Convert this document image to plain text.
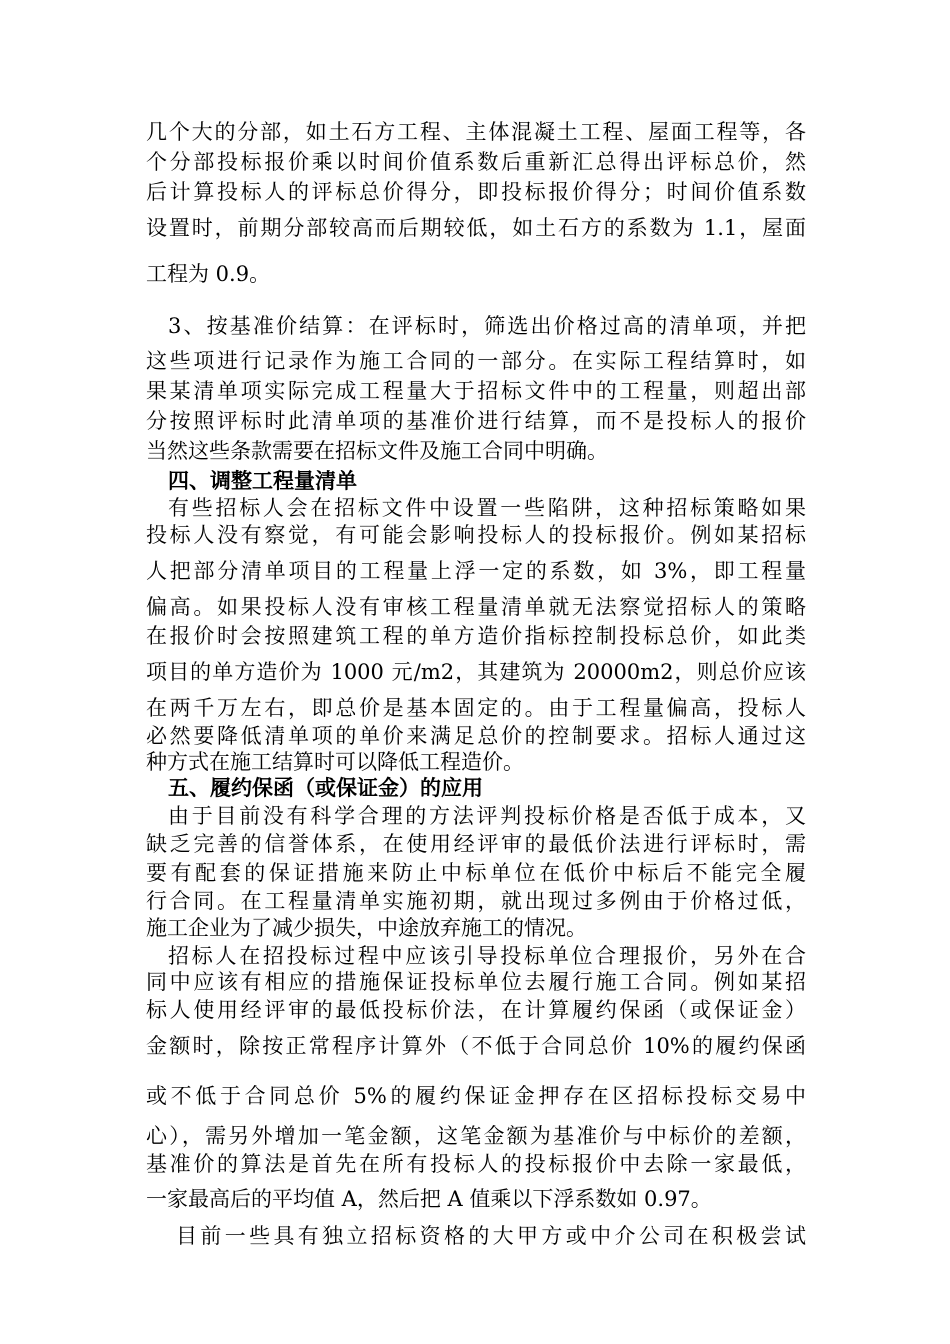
几个大的分部，如土石方工程、主体混凝土工程、屋面工程等，各
个分部投标报价乘以时间价值系数后重新汇总得出评标总价，然
后计算投标人的评标总价得分，即投标报价得分；时间价值系数
设置时，前期分部较高而后期较低，如土石方的系数为 1.1，屋面
工程为 0.9。
3、按基准价结算：在评标时，筛选出价格过高的清单项，并把
这些项进行记录作为施工合同的一部分。在实际工程结算时，如
果某清单项实际完成工程量大于招标文件中的工程量，则超出部
分按照评标时此清单项的基准价进行结算，而不是投标人的报价
当然这些条款需要在招标文件及施工合同中明确。
四、调整工程量清单
有些招标人会在招标文件中设置一些陷阱，这种招标策略如果
投标人没有察觉，有可能会影响投标人的投标报价。例如某招标
人把部分清单项目的工程量上浮一定的系数，如 3%，即工程量
偏高。如果投标人没有审核工程量清单就无法察觉招标人的策略
在报价时会按照建筑工程的单方造价指标控制投标总价，如此类
项目的单方造价为 1000 元/m2，其建筑为 20000m2，则总价应该
在两千万左右，即总价是基本固定的。由于工程量偏高，投标人
必然要降低清单项的单价来满足总价的控制要求。招标人通过这
种方式在施工结算时可以降低工程造价。
五、履约保函（或保证金）的应用
由于目前没有科学合理的方法评判投标价格是否低于成本，又
缺乏完善的信誉体系，在使用经评审的最低价法进行评标时，需
要有配套的保证措施来防止中标单位在低价中标后不能完全履
行合同。在工程量清单实施初期，就出现过多例由于价格过低，
施工企业为了减少损失，中途放弃施工的情况。
招标人在招投标过程中应该引导投标单位合理报价，另外在合
同中应该有相应的措施保证投标单位去履行施工合同。例如某招
标人使用经评审的最低投标价法，在计算履约保函（或保证金）
金额时，除按正常程序计算外（不低于合同总价 10%的履约保函
或不低于合同总价 5%的履约保证金押存在区招标投标交易中
心），需另外增加一笔金额，这笔金额为基准价与中标价的差额，
基准价的算法是首先在所有投标人的投标报价中去除一家最低，
一家最高后的平均值 A，然后把 A 值乘以下浮系数如 0.97。
目前一些具有独立招标资格的大甲方或中介公司在积极尝试
